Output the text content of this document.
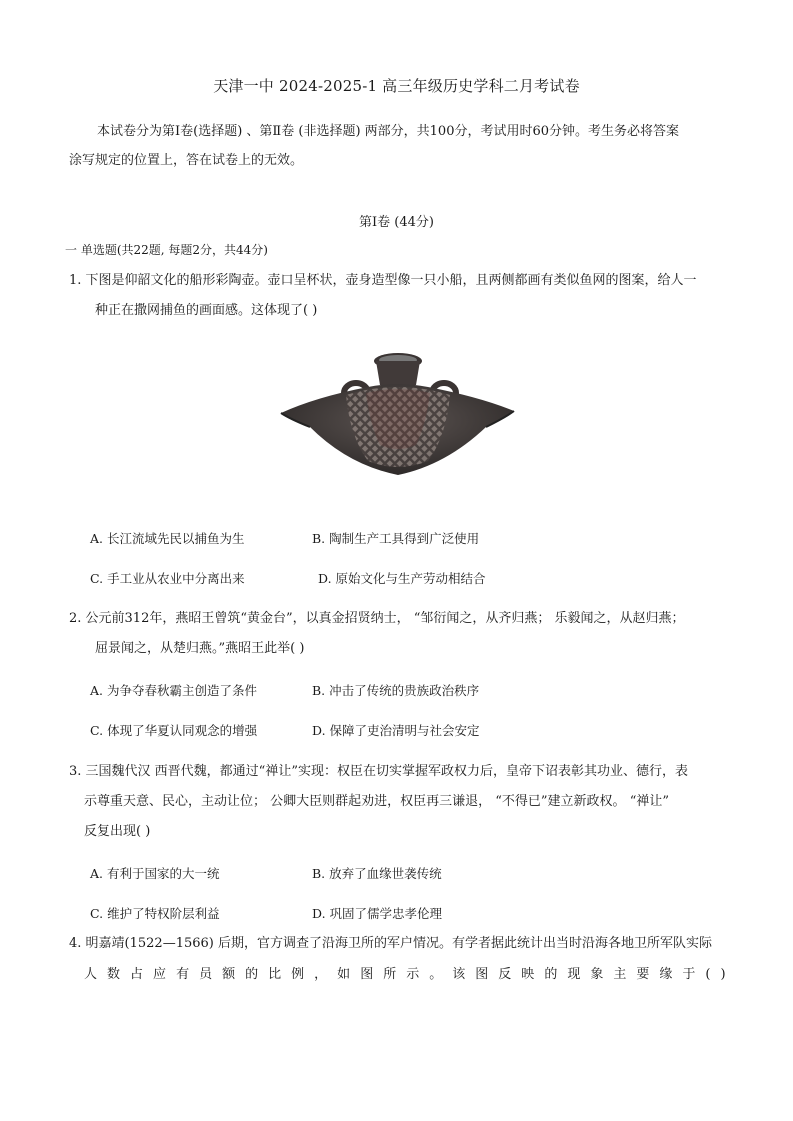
天津一中 2024-2025-1 高三年级历史学科二月考试卷
本试卷分为第Ⅰ卷(选择题) 、第Ⅱ卷 (非选择题) 两部分，共100分，考试用时60分钟。考生务必将答案
涂写规定的位置上，答在试卷上的无效。
第Ⅰ卷 (44分)
一 单选题(共22题, 每题2分，共44分)
1. 下图是仰韶文化的船形彩陶壶。壶口呈杯状，壶身造型像一只小船，且两侧都画有类似鱼网的图案，给人一
种正在撒网捕鱼的画面感。这体现了( )
A. 长江流域先民以捕鱼为生	B. 陶制生产工具得到广泛使用
C. 手工业从农业中分离出来	D. 原始文化与生产劳动相结合
2. 公元前312年，燕昭王曾筑“黄金台”，以真金招贤纳士， “邹衍闻之，从齐归燕； 乐毅闻之，从赵归燕；
屈景闻之，从楚归燕。”燕昭王此举( )
A. 为争夺春秋霸主创造了条件	B. 冲击了传统的贵族政治秩序
C. 体现了华夏认同观念的增强	D. 保障了吏治清明与社会安定
3. 三国魏代汉 西晋代魏，都通过“禅让”实现：权臣在切实掌握军政权力后，皇帝下诏表彰其功业、德行，表
示尊重天意、民心，主动让位； 公卿大臣则群起劝进，权臣再三谦退， “不得已”建立新政权。 “禅让”
反复出现( )
A. 有利于国家的大一统	B. 放弃了血缘世袭传统
C. 维护了特权阶层利益	D. 巩固了儒学忠孝伦理
4. 明嘉靖(1522—1566) 后期，官方调查了沿海卫所的军户情况。有学者据此统计出当时沿海各地卫所军队实际
人 数 占 应 有 员 额 的 比 例 ， 如 图 所 示 。 该 图 反 映 的 现 象 主 要 缘 于 ( )
